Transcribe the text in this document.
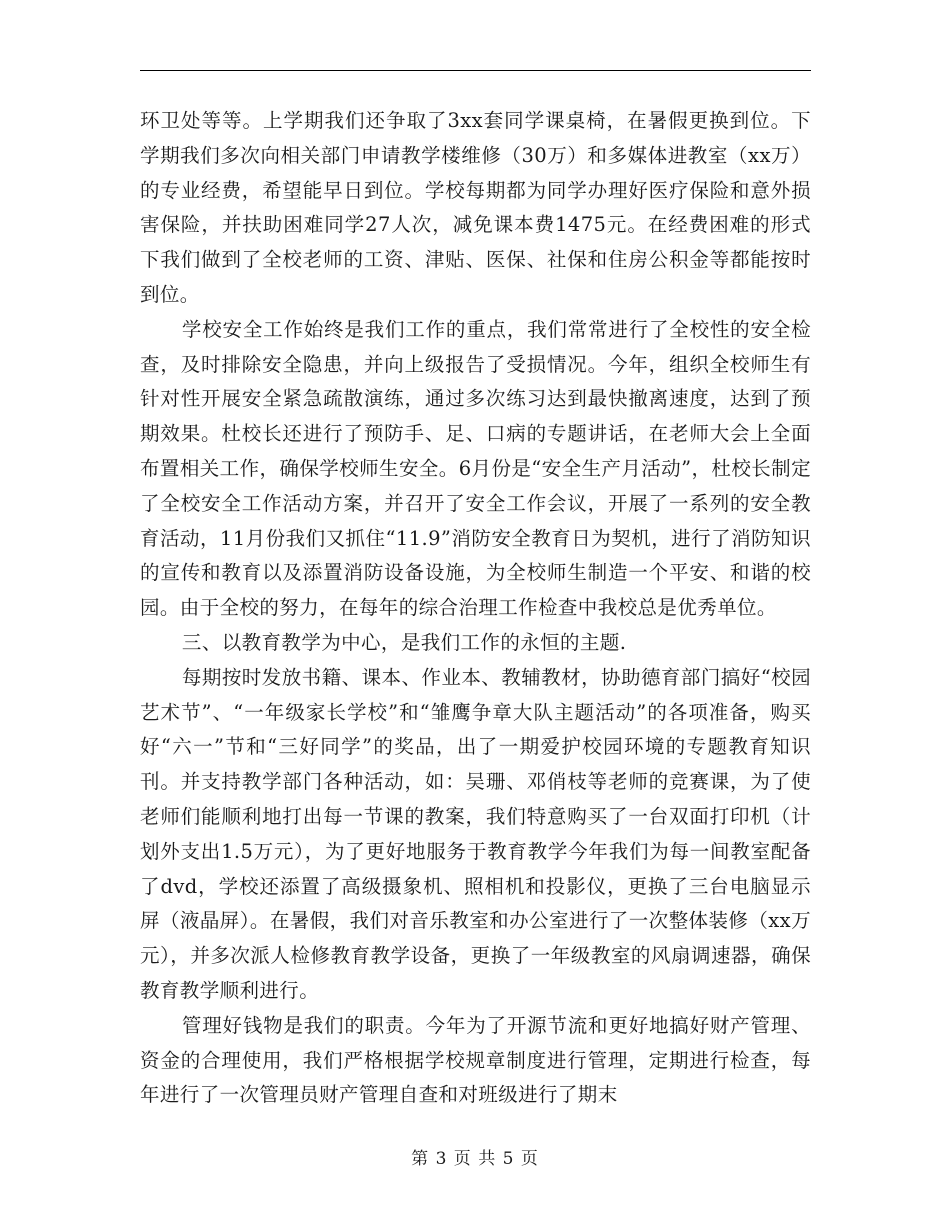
环卫处等等。上学期我们还争取了3xx套同学课桌椅，在暑假更换到位。下学期我们多次向相关部门申请教学楼维修（30万）和多媒体进教室（xx万）的专业经费，希望能早日到位。学校每期都为同学办理好医疗保险和意外损害保险，并扶助困难同学27人次，减免课本费1475元。在经费困难的形式下我们做到了全校老师的工资、津贴、医保、社保和住房公积金等都能按时到位。

学校安全工作始终是我们工作的重点，我们常常进行了全校性的安全检查，及时排除安全隐患，并向上级报告了受损情况。今年，组织全校师生有针对性开展安全紧急疏散演练，通过多次练习达到最快撤离速度，达到了预期效果。杜校长还进行了预防手、足、口病的专题讲话，在老师大会上全面布置相关工作，确保学校师生安全。6月份是“安全生产月活动”，杜校长制定了全校安全工作活动方案，并召开了安全工作会议，开展了一系列的安全教育活动，11月份我们又抓住“11.9”消防安全教育日为契机，进行了消防知识的宣传和教育以及添置消防设备设施，为全校师生制造一个平安、和谐的校园。由于全校的努力，在每年的综合治理工作检查中我校总是优秀单位。

三、以教育教学为中心，是我们工作的永恒的主题.

每期按时发放书籍、课本、作业本、教辅教材，协助德育部门搞好“校园艺术节”、“一年级家长学校”和“雏鹰争章大队主题活动”的各项准备，购买好“六一”节和“三好同学”的奖品，出了一期爱护校园环境的专题教育知识刊。并支持教学部门各种活动，如：吴珊、邓俏枝等老师的竞赛课，为了使老师们能顺利地打出每一节课的教案，我们特意购买了一台双面打印机（计划外支出1.5万元），为了更好地服务于教育教学今年我们为每一间教室配备了dvd，学校还添置了高级摄象机、照相机和投影仪，更换了三台电脑显示屏（液晶屏）。在暑假，我们对音乐教室和办公室进行了一次整体装修（xx万元），并多次派人检修教育教学设备，更换了一年级教室的风扇调速器，确保教育教学顺利进行。

管理好钱物是我们的职责。今年为了开源节流和更好地搞好财产管理、资金的合理使用，我们严格根据学校规章制度进行管理，定期进行检查，每年进行了一次管理员财产管理自查和对班级进行了期末

第 3 页 共 5 页
